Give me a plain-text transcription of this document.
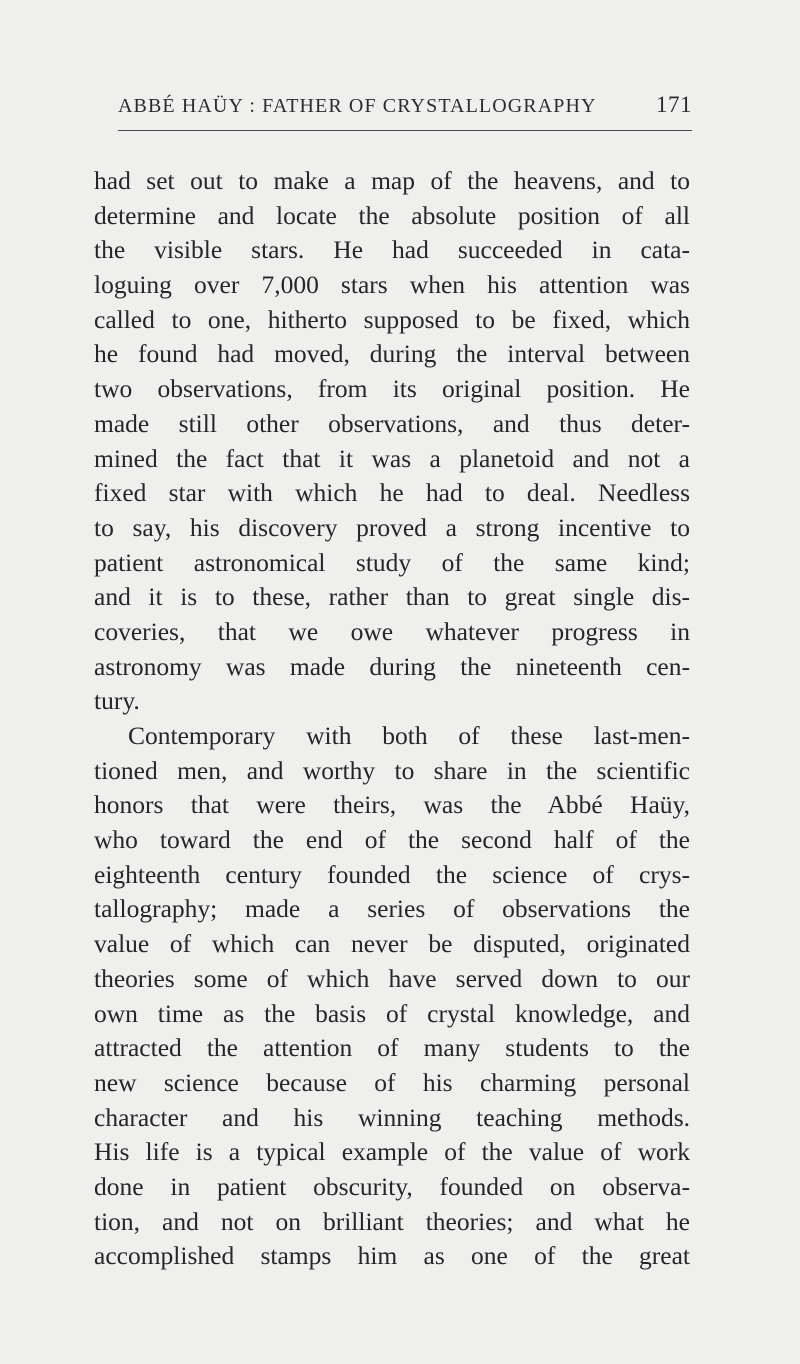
ABBÉ HAÜY : FATHER OF CRYSTALLOGRAPHY	171
had set out to make a map of the heavens, and to
determine and locate the absolute position of all
the visible stars. He had succeeded in cata-
loguing over 7,000 stars when his attention was
called to one, hitherto supposed to be fixed, which
he found had moved, during the interval between
two observations, from its original position. He
made still other observations, and thus deter-
mined the fact that it was a planetoid and not a
fixed star with which he had to deal. Needless
to say, his discovery proved a strong incentive to
patient astronomical study of the same kind;
and it is to these, rather than to great single dis-
coveries, that we owe whatever progress in
astronomy was made during the nineteenth cen-
tury.
Contemporary with both of these last-men-
tioned men, and worthy to share in the scientific
honors that were theirs, was the Abbé Haüy,
who toward the end of the second half of the
eighteenth century founded the science of crys-
tallography; made a series of observations the
value of which can never be disputed, originated
theories some of which have served down to our
own time as the basis of crystal knowledge, and
attracted the attention of many students to the
new science because of his charming personal
character and his winning teaching methods.
His life is a typical example of the value of work
done in patient obscurity, founded on observa-
tion, and not on brilliant theories; and what he
accomplished stamps him as one of the great
